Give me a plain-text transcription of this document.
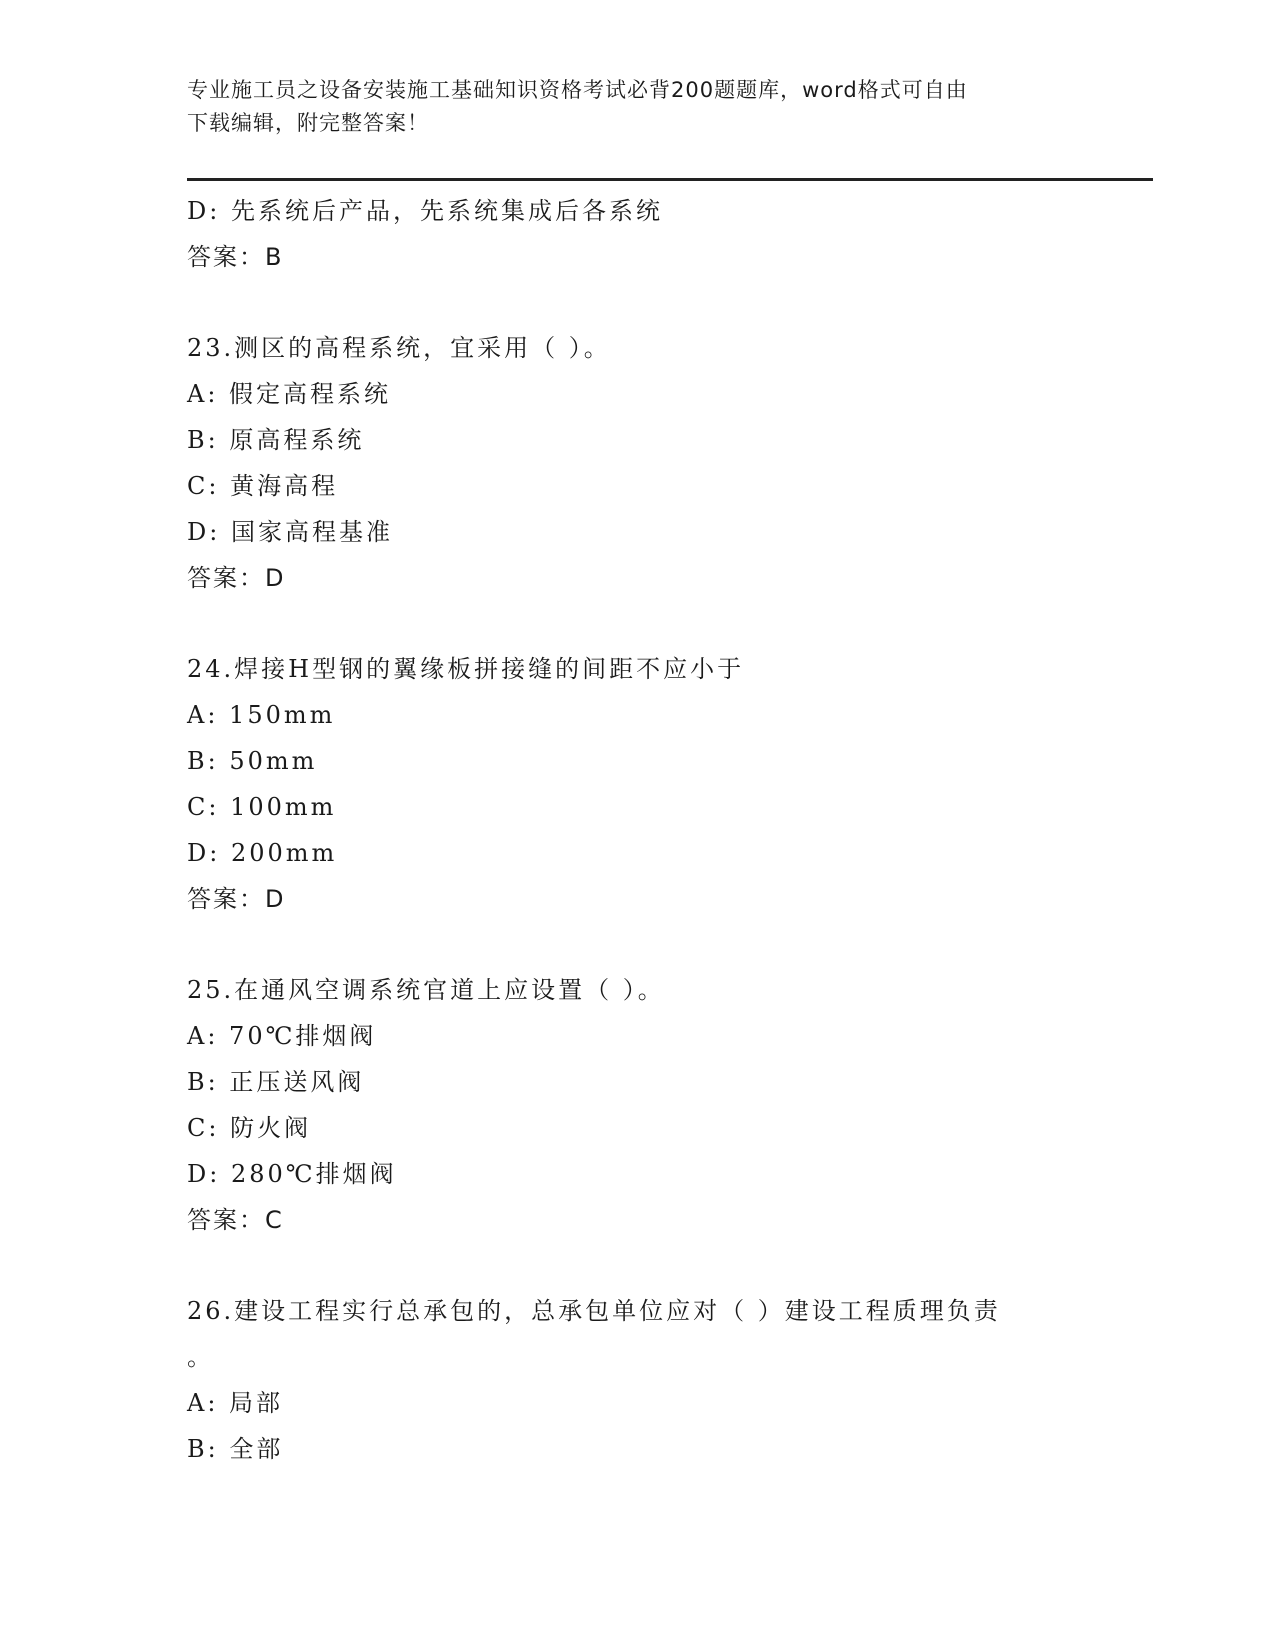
专业施工员之设备安装施工基础知识资格考试必背200题题库，word格式可自由
下载编辑，附完整答案！
D: 先系统后产品，先系统集成后各系统
答案：B
23.测区的高程系统，宜采用（ ）。
A: 假定高程系统
B: 原高程系统
C: 黄海高程
D: 国家高程基准
答案：D
24.焊接H型钢的翼缘板拼接缝的间距不应小于
A: 150mm
B: 50mm
C: 100mm
D: 200mm
答案：D
25.在通风空调系统官道上应设置（ ）。
A: 70℃排烟阀
B: 正压送风阀
C: 防火阀
D: 280℃排烟阀
答案：C
26.建设工程实行总承包的，总承包单位应对（ ）建设工程质理负责
。
A: 局部
B: 全部
